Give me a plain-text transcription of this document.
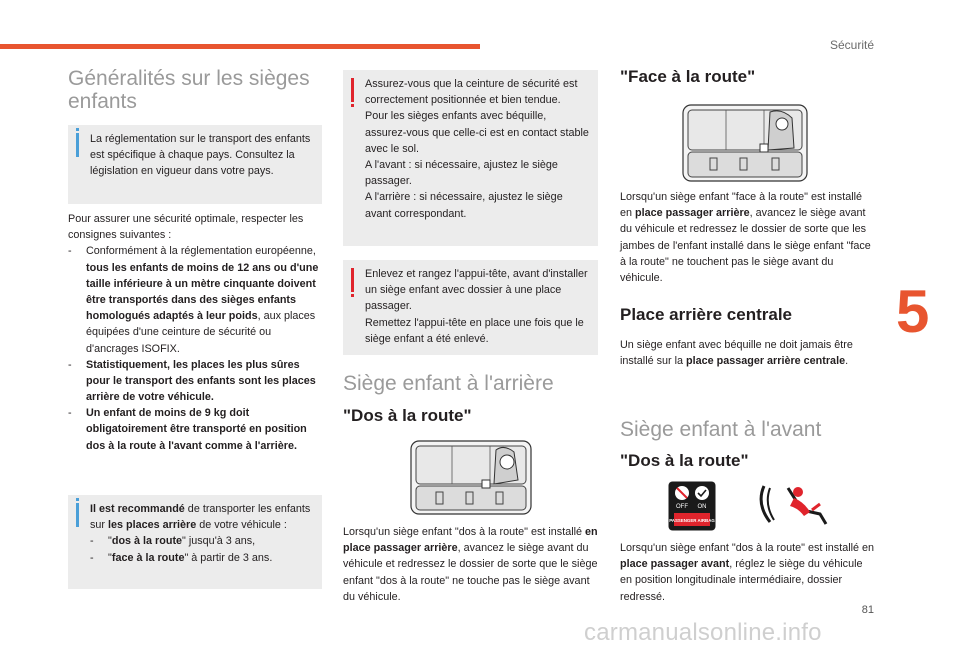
Sécurité
5
81
carmanualsonline.info
Généralités sur les sièges enfants
La réglementation sur le transport des enfants est spécifique à chaque pays. Consultez la législation en vigueur dans votre pays.

Pour assurer une sécurité optimale, respecter les consignes suivantes :

- Conformément à la réglementation européenne, tous les enfants de moins de 12 ans ou d'une taille inférieure à un mètre cinquante doivent être transportés dans des sièges enfants homologués adaptés à leur poids, aux places équipées d'une ceinture de sécurité ou d'ancrages ISOFIX.
- Statistiquement, les places les plus sûres pour le transport des enfants sont les places arrière de votre véhicule.
- Un enfant de moins de 9 kg doit obligatoirement être transporté en position dos à la route à l'avant comme à l'arrière.
Il est recommandé de transporter les enfants sur les places arrière de votre véhicule :
- "dos à la route" jusqu'à 3 ans,
- "face à la route" à partir de 3 ans.
Assurez-vous que la ceinture de sécurité est correctement positionnée et bien tendue.
Pour les sièges enfants avec béquille, assurez-vous que celle-ci est en contact stable avec le sol.
A l'avant : si nécessaire, ajustez le siège passager.
A l'arrière : si nécessaire, ajustez le siège avant correspondant.
Enlevez et rangez l'appui-tête, avant d'installer un siège enfant avec dossier à une place passager.
Remettez l'appui-tête en place une fois que le siège enfant a été enlevé.
Siège enfant à l'arrière
"Dos à la route"

Lorsqu'un siège enfant "dos à la route" est installé en place passager arrière, avancez le siège avant du véhicule et redressez le dossier de sorte que le siège enfant "dos à la route" ne touche pas le siège avant du véhicule.

"Face à la route"

Lorsqu'un siège enfant "face à la route" est installé en place passager arrière, avancez le siège avant du véhicule et redressez le dossier de sorte que les jambes de l'enfant installé dans le siège enfant "face à la route" ne touchent pas le siège avant du véhicule.

Place arrière centrale

Un siège enfant avec béquille ne doit jamais être installé sur la place passager arrière centrale.

Siège enfant à l'avant
"Dos à la route"
OFF ON
PASSENGER AIRBAG

Lorsqu'un siège enfant "dos à la route" est installé en place passager avant, réglez le siège du véhicule en position longitudinale intermédiaire, dossier redressé.
